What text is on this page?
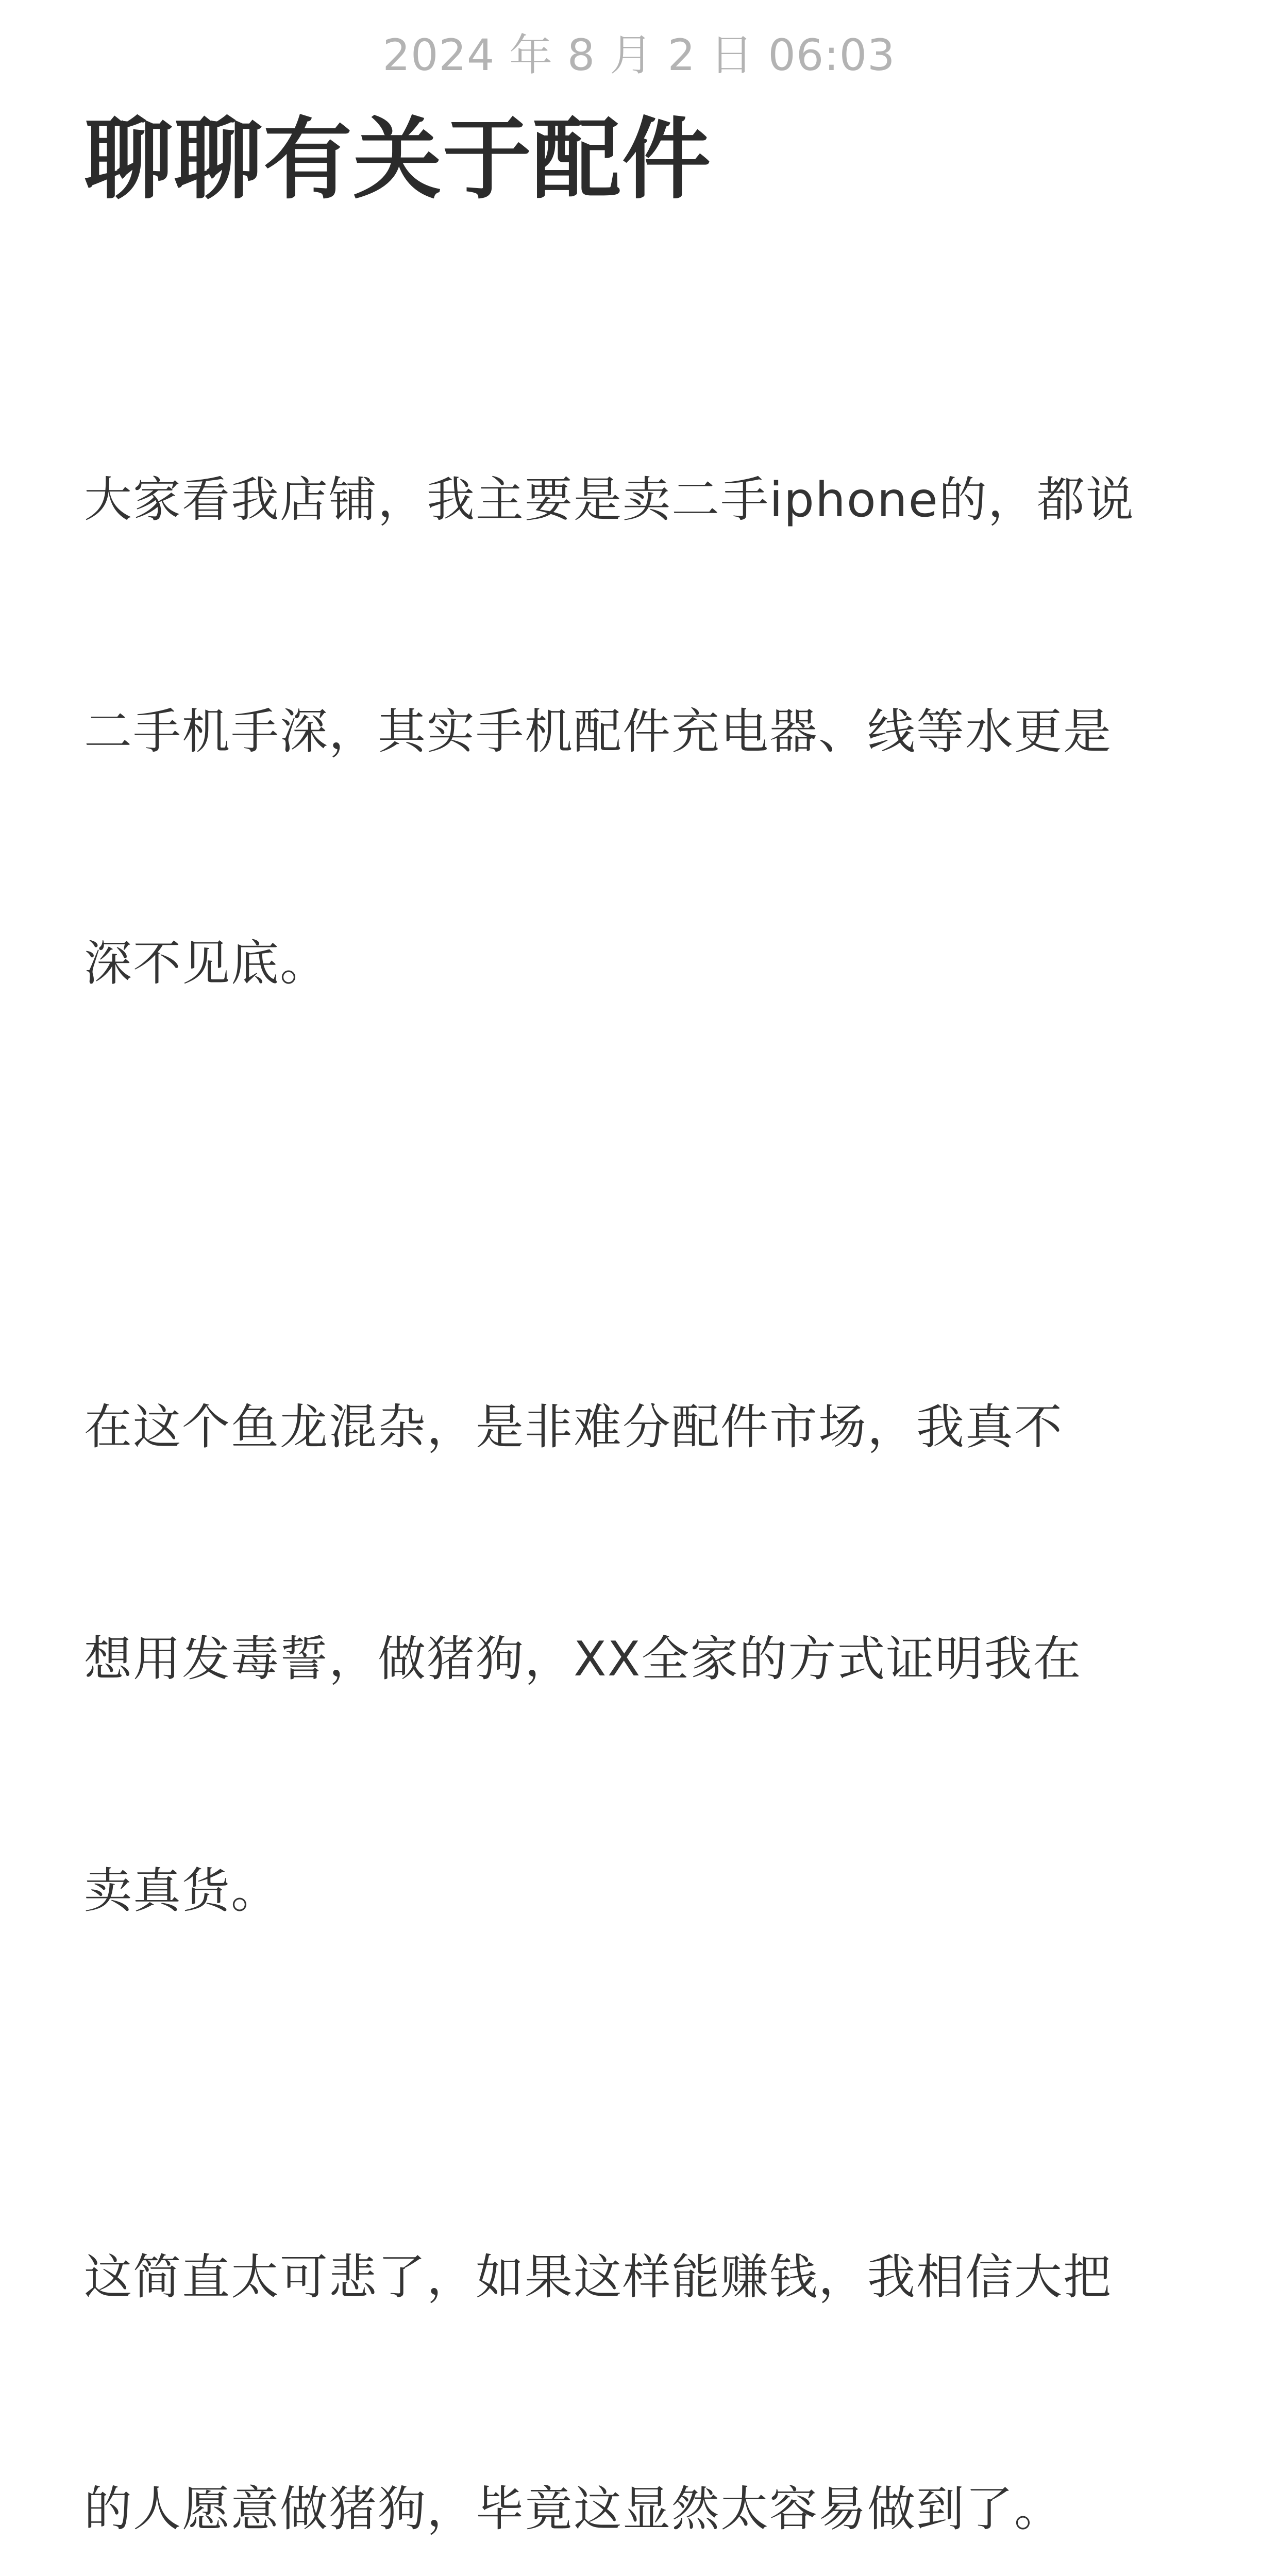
2024 年 8 月 2 日 06:03
聊聊有关于配件

大家看我店铺，我主要是卖二手iphone的，都说

二手机手深，其实手机配件充电器、线等水更是

深不见底。

在这个鱼龙混杂，是非难分配件市场，我真不

想用发毒誓，做猪狗，XX全家的方式证明我在

卖真货。

这简直太可悲了，如果这样能赚钱，我相信大把

的人愿意做猪狗，毕竟这显然太容易做到了。
